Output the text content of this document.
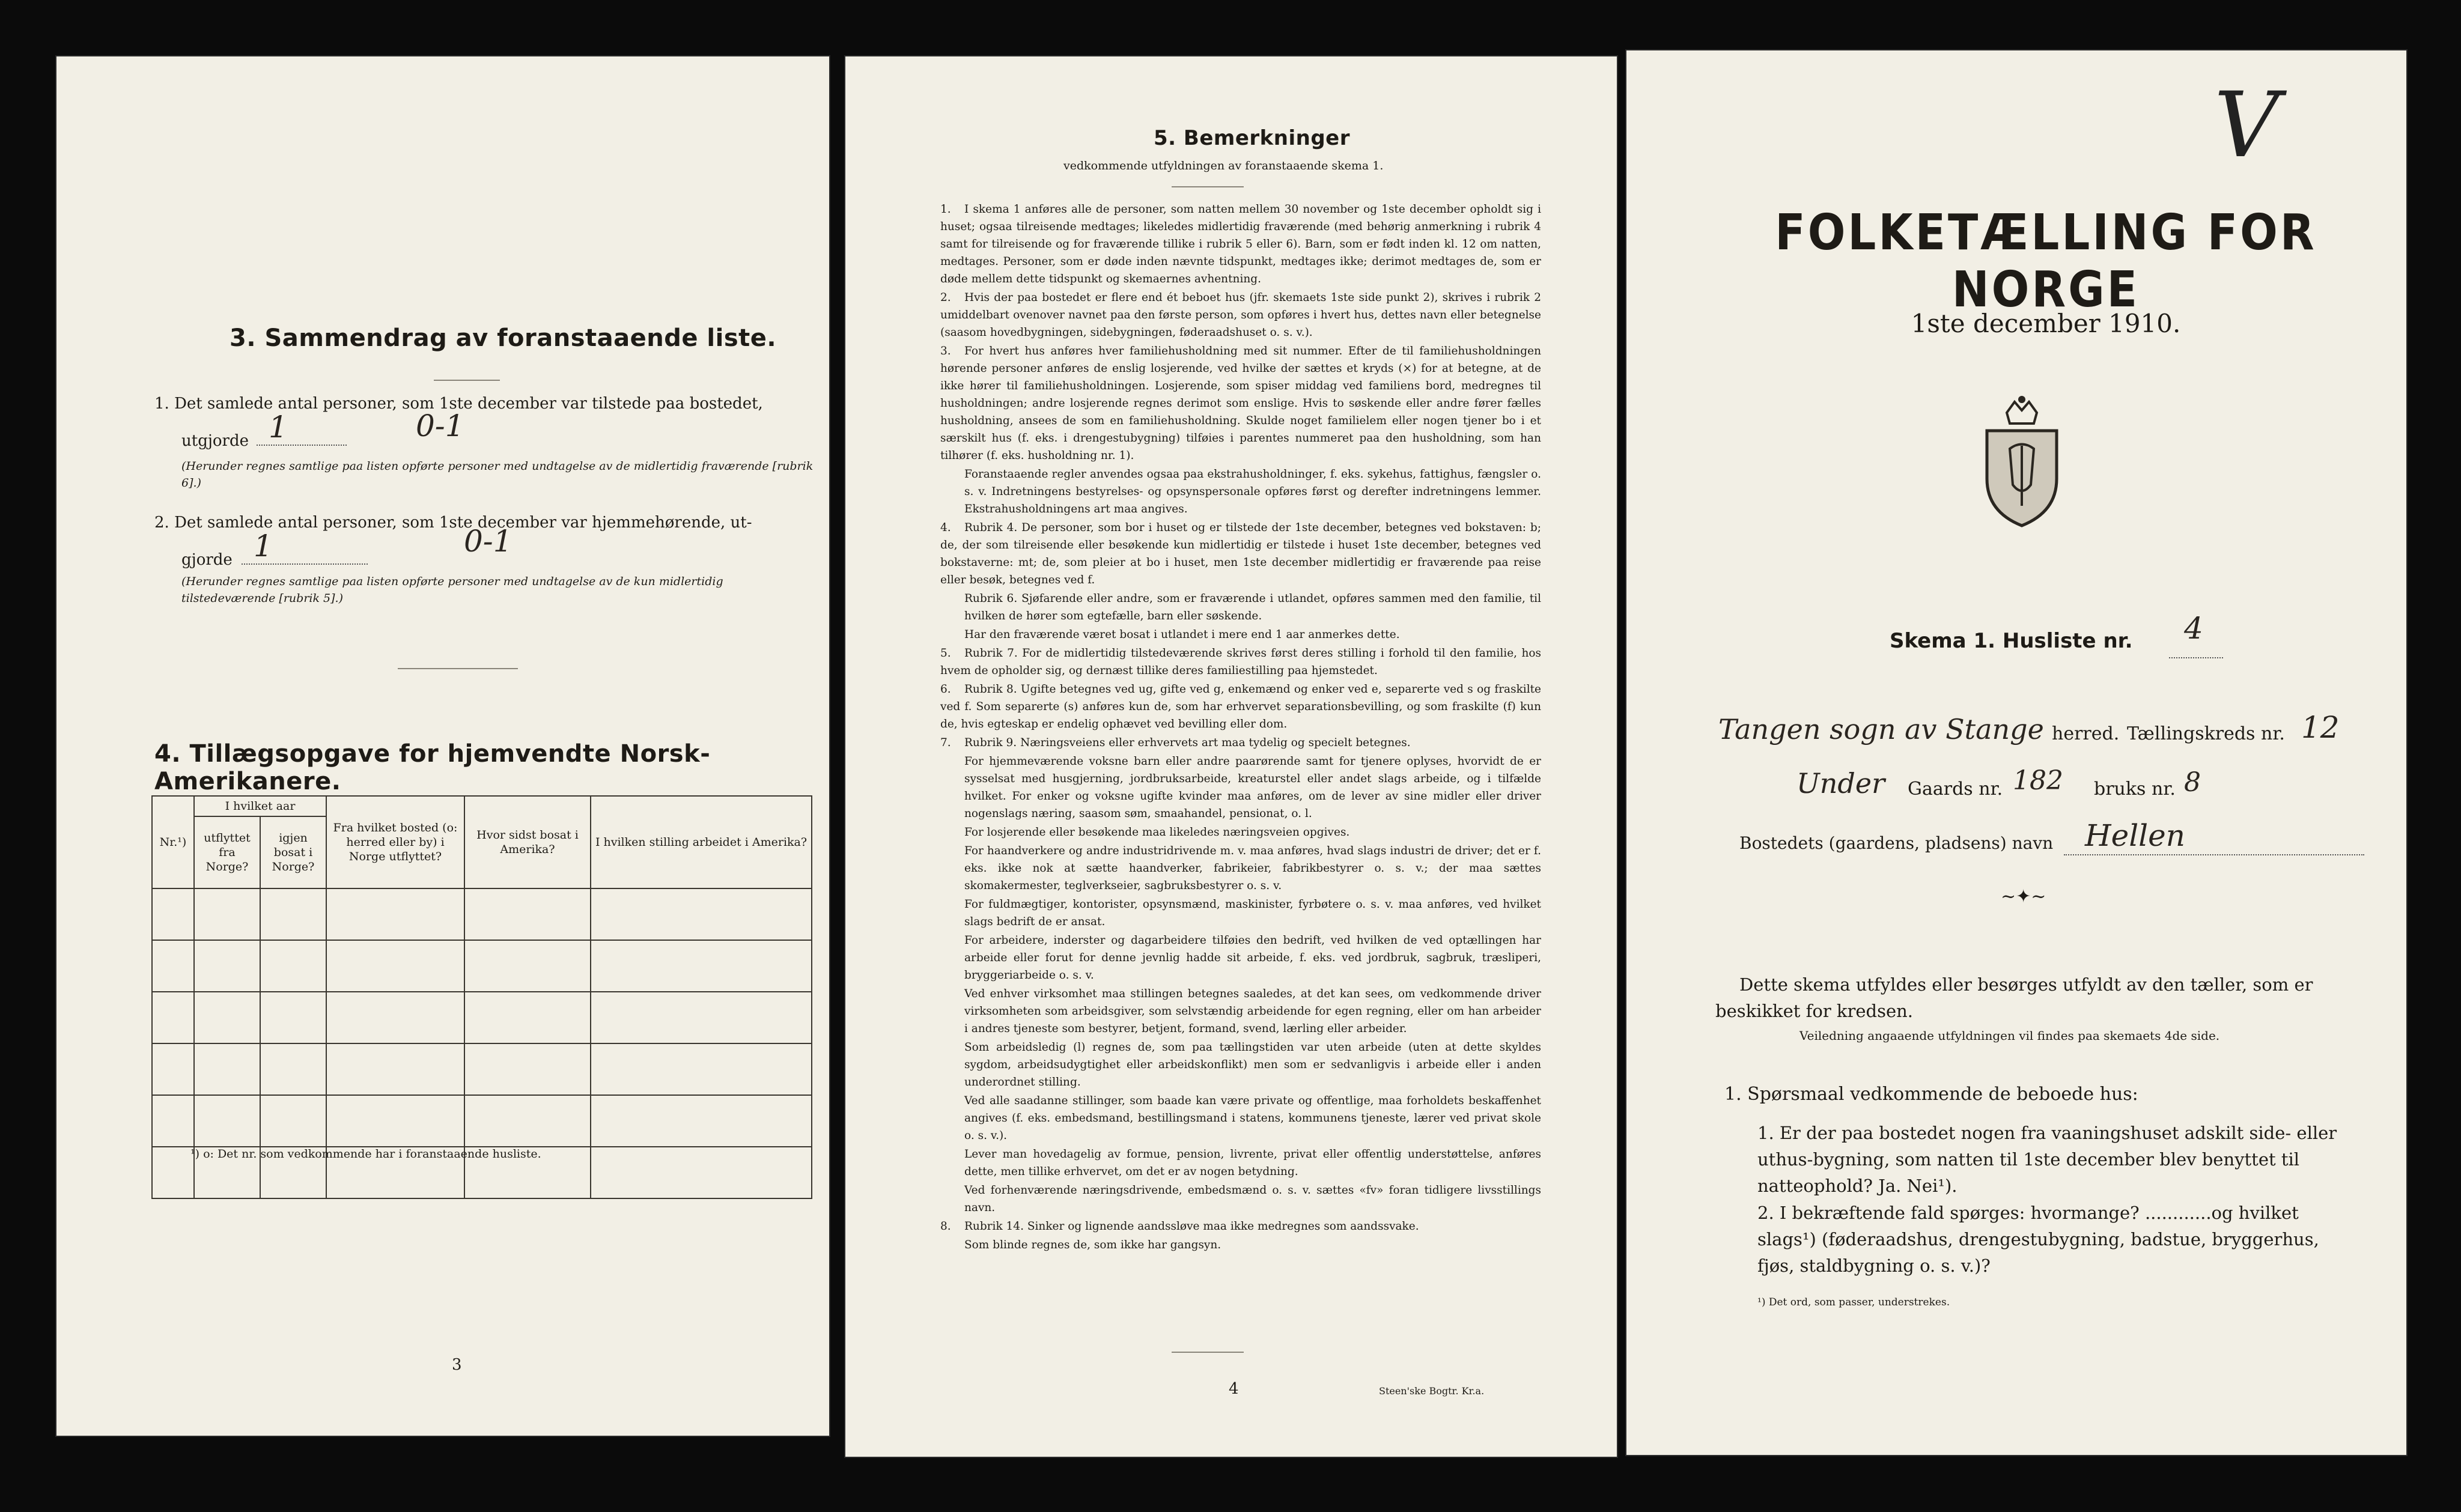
3. Sammendrag av foranstaaende liste.
1. Det samlede antal personer, som 1ste december var tilstede paa bostedet,
utgjorde 1	0-1
(Herunder regnes samtlige paa listen opførte personer med undtagelse av de midlertidig fraværende [rubrik 6].)
2. Det samlede antal personer, som 1ste december var hjemmehørende, ut-
gjorde 1	0-1
(Herunder regnes samtlige paa listen opførte personer med undtagelse av de kun midlertidig tilstedeværende [rubrik 5].)
4. Tillægsopgave for hjemvendte Norsk-Amerikanere.
Nr.¹)	I hvilket aar		Fra hvilket bosted (o: herred eller by) i Norge utflyttet?	Hvor sidst bosat i Amerika?	I hvilken stilling arbeidet i Amerika?
	utflyttet fra Norge?	igjen bosat i Norge?			

¹) o: Det nr. som vedkommende har i foranstaaende husliste.
3
5. Bemerkninger
vedkommende utfyldningen av foranstaaende skema 1.

1. I skema 1 anføres alle de personer, som natten mellem 30 november og 1ste december opholdt sig i huset; ogsaa tilreisende medtages; likeledes midlertidig fraværende (med behørig anmerkning i rubrik 4 samt for tilreisende og for fraværende tillike i rubrik 5 eller 6). Barn, som er født inden kl. 12 om natten, medtages. Personer, som er døde inden nævnte tidspunkt, medtages ikke; derimot medtages de, som er døde mellem dette tidspunkt og skemaernes avhentning.

2. Hvis der paa bostedet er flere end ét beboet hus (jfr. skemaets 1ste side punkt 2), skrives i rubrik 2 umiddelbart ovenover navnet paa den første person, som opføres i hvert hus, dettes navn eller betegnelse (saasom hovedbygningen, sidebygningen, føderaadshuset o. s. v.).

3. For hvert hus anføres hver familiehusholdning med sit nummer. Efter de til familiehusholdningen hørende personer anføres de enslig losjerende, ved hvilke der sættes et kryds (×) for at betegne, at de ikke hører til familiehusholdningen. Losjerende, som spiser middag ved familiens bord, medregnes til husholdningen; andre losjerende regnes derimot som enslige. Hvis to søskende eller andre fører fælles husholdning, ansees de som en familiehusholdning. Skulde noget familielem eller nogen tjener bo i et særskilt hus (f. eks. i drengestubygning) tilføies i parentes nummeret paa den husholdning, som han tilhører (f. eks. husholdning nr. 1).

Foranstaaende regler anvendes ogsaa paa ekstrahusholdninger, f. eks. sykehus, fattighus, fængsler o. s. v. Indretningens bestyrelses- og opsynspersonale opføres først og derefter indretningens lemmer. Ekstrahusholdningens art maa angives.

4. Rubrik 4. De personer, som bor i huset og er tilstede der 1ste december, betegnes ved bokstaven: b; de, der som tilreisende eller besøkende kun midlertidig er tilstede i huset 1ste december, betegnes ved bokstaverne: mt; de, som pleier at bo i huset, men 1ste december midlertidig er fraværende paa reise eller besøk, betegnes ved f.

Rubrik 6. Sjøfarende eller andre, som er fraværende i utlandet, opføres sammen med den familie, til hvilken de hører som egtefælle, barn eller søskende.

Har den fraværende været bosat i utlandet i mere end 1 aar anmerkes dette.

5. Rubrik 7. For de midlertidig tilstedeværende skrives først deres stilling i forhold til den familie, hos hvem de opholder sig, og dernæst tillike deres familiestilling paa hjemstedet.

6. Rubrik 8. Ugifte betegnes ved ug, gifte ved g, enkemænd og enker ved e, separerte ved s og fraskilte ved f. Som separerte (s) anføres kun de, som har erhvervet separationsbevilling, og som fraskilte (f) kun de, hvis egteskap er endelig ophævet ved bevilling eller dom.

7. Rubrik 9. Næringsveiens eller erhvervets art maa tydelig og specielt betegnes.

For hjemmeværende voksne barn eller andre paarørende samt for tjenere oplyses, hvorvidt de er sysselsat med husgjerning, jordbruksarbeide, kreaturstel eller andet slags arbeide, og i tilfælde hvilket. For enker og voksne ugifte kvinder maa anføres, om de lever av sine midler eller driver nogenslags næring, saasom søm, smaahandel, pensionat, o. l.

For losjerende eller besøkende maa likeledes næringsveien opgives.

For haandverkere og andre industridrivende m. v. maa anføres, hvad slags industri de driver; det er f. eks. ikke nok at sætte haandverker, fabrikeier, fabrikbestyrer o. s. v.; der maa sættes skomakermester, teglverkseier, sagbruksbestyrer o. s. v.

For fuldmægtiger, kontorister, opsynsmænd, maskinister, fyrbøtere o. s. v. maa anføres, ved hvilket slags bedrift de er ansat.

For arbeidere, inderster og dagarbeidere tilføies den bedrift, ved hvilken de ved optællingen har arbeide eller forut for denne jevnlig hadde sit arbeide, f. eks. ved jordbruk, sagbruk, træsliperi, bryggeriarbeide o. s. v.

Ved enhver virksomhet maa stillingen betegnes saaledes, at det kan sees, om vedkommende driver virksomheten som arbeidsgiver, som selvstændig arbeidende for egen regning, eller om han arbeider i andres tjeneste som bestyrer, betjent, formand, svend, lærling eller arbeider.

Som arbeidsledig (l) regnes de, som paa tællingstiden var uten arbeide (uten at dette skyldes sygdom, arbeidsudygtighet eller arbeidskonflikt) men som er sedvanligvis i arbeide eller i anden underordnet stilling.

Ved alle saadanne stillinger, som baade kan være private og offentlige, maa forholdets beskaffenhet angives (f. eks. embedsmand, bestillingsmand i statens, kommunens tjeneste, lærer ved privat skole o. s. v.).

Lever man hovedagelig av formue, pension, livrente, privat eller offentlig understøttelse, anføres dette, men tillike erhvervet, om det er av nogen betydning.

Ved forhenværende næringsdrivende, embedsmænd o. s. v. sættes «fv» foran tidligere livsstillings navn.

8. Rubrik 14. Sinker og lignende aandssløve maa ikke medregnes som aandssvake.

Som blinde regnes de, som ikke har gangsyn.

4	Steen'ske Bogtr. Kr.a.
V
FOLKETÆLLING FOR NORGE
1ste december 1910.
Skema 1. Husliste nr. 4
Tangen sogn av Stange herred. Tællingskreds nr. 12
Under Gaards nr. 182 bruks nr. 8
Bostedets (gaardens, pladsens) navn Hellen
~✦~
Dette skema utfyldes eller besørges utfyldt av den tæller, som er beskikket for kredsen.
Veiledning angaaende utfyldningen vil findes paa skemaets 4de side.
1. Spørsmaal vedkommende de beboede hus:
1. Er der paa bostedet nogen fra vaaningshuset adskilt side- eller uthus-bygning, som natten til 1ste december blev benyttet til natteophold? Ja. Nei¹).
2. I bekræftende fald spørges: hvormange? ............og hvilket slags¹) (føderaadshus, drengestubygning, badstue, bryggerhus, fjøs, staldbygning o. s. v.)?
¹) Det ord, som passer, understrekes.
